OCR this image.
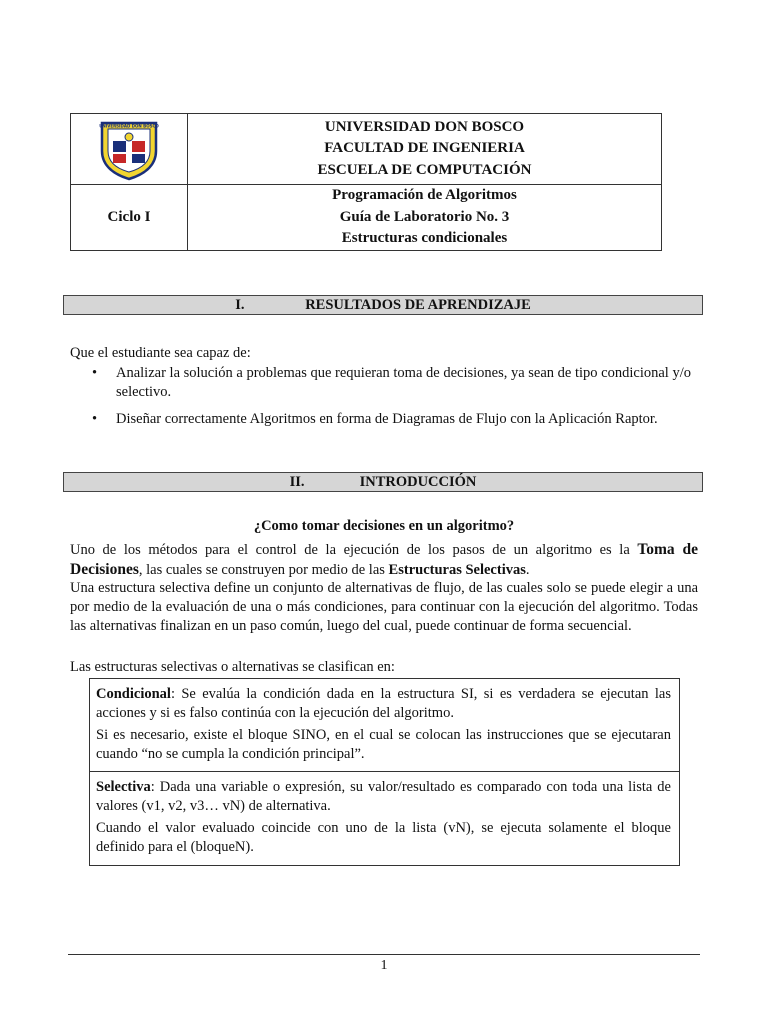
UNIVERSIDAD DON BOSCO	UNIVERSIDAD DON BOSCO
FACULTAD DE INGENIERIA
ESCUELA DE COMPUTACIÓN

Ciclo I	Programación de Algoritmos
Guía de Laboratorio No. 3
Estructuras condicionales
I.	RESULTADOS DE APRENDIZAJE
Que el estudiante sea capaz de:
• Analizar la solución a problemas que requieran toma de decisiones, ya sean de tipo condicional y/o selectivo.
• Diseñar correctamente Algoritmos en forma de Diagramas de Flujo con la Aplicación Raptor.
II.	INTRODUCCIÓN
¿Como tomar decisiones en un algoritmo?
Uno de los métodos para el control de la ejecución de los pasos de un algoritmo es la Toma de Decisiones, las cuales se construyen por medio de las Estructuras Selectivas.
Una estructura selectiva define un conjunto de alternativas de flujo, de las cuales solo se puede elegir a una por medio de la evaluación de una o más condiciones, para continuar con la ejecución del algoritmo. Todas las alternativas finalizan en un paso común, luego del cual, puede continuar de forma secuencial.
Las estructuras selectivas o alternativas se clasifican en:

Condicional: Se evalúa la condición dada en la estructura SI, si es verdadera se ejecutan las acciones y si es falso continúa con la ejecución del algoritmo.

Si es necesario, existe el bloque SINO, en el cual se colocan las instrucciones que se ejecutaran cuando “no se cumpla la condición principal”.

Selectiva: Dada una variable o expresión, su valor/resultado es comparado con toda una lista de valores (v1, v2, v3… vN) de alternativa.

Cuando el valor evaluado coincide con uno de la lista (vN), se ejecuta solamente el bloque definido para el (bloqueN).

1
